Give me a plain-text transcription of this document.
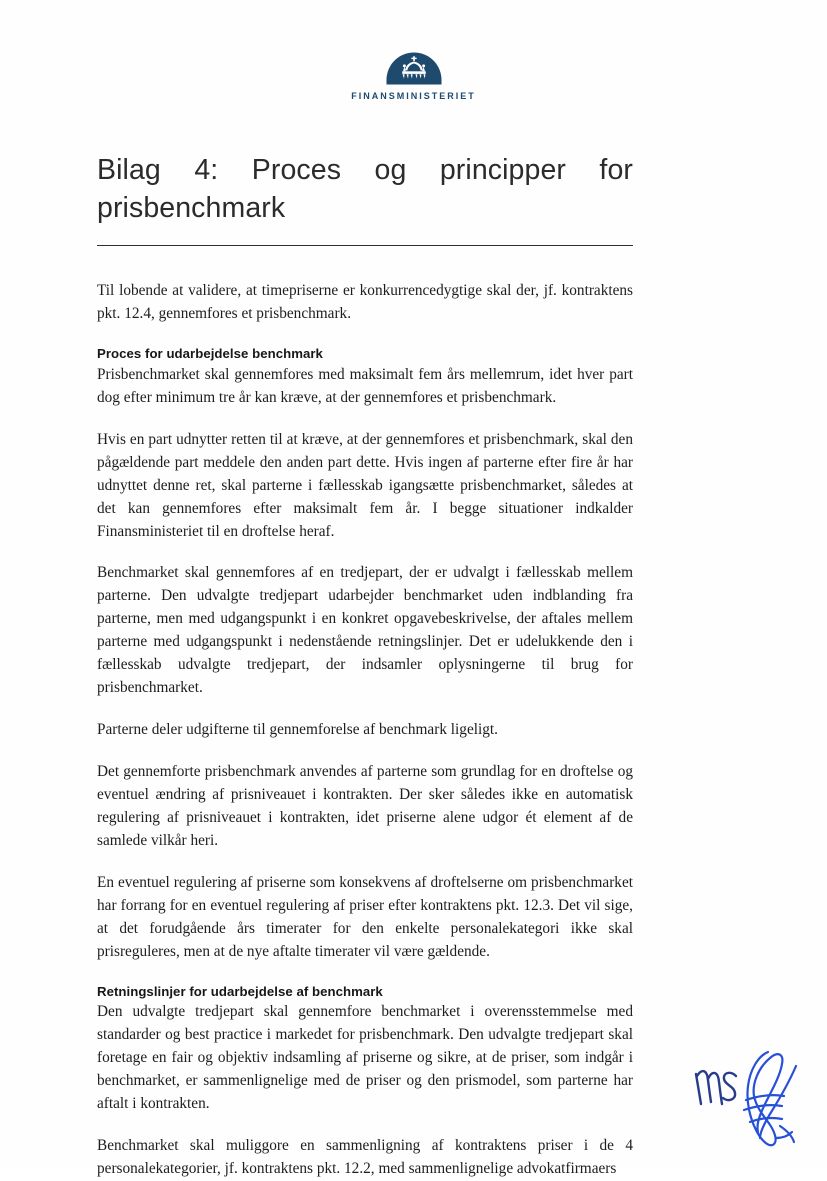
finansministeriet
Bilag 4: Proces og principper for
prisbenchmark

Til lobende at validere, at timepriserne er konkurrencedygtige skal der, jf. kontraktens pkt. 12.4, gennemfores et prisbenchmark.

Proces for udarbejdelse benchmark

Prisbenchmarket skal gennemfores med maksimalt fem års mellemrum, idet hver part dog efter minimum tre år kan kræve, at der gennemfores et prisbenchmark.

Hvis en part udnytter retten til at kræve, at der gennemfores et prisbenchmark, skal den pågældende part meddele den anden part dette. Hvis ingen af parterne efter fire år har udnyttet denne ret, skal parterne i fællesskab igangsætte prisbenchmarket, således at det kan gennemfores efter maksimalt fem år. I begge situationer indkalder Finansministeriet til en droftelse heraf.

Benchmarket skal gennemfores af en tredjepart, der er udvalgt i fællesskab mellem parterne. Den udvalgte tredjepart udarbejder benchmarket uden indblanding fra parterne, men med udgangspunkt i en konkret opgavebeskrivelse, der aftales mellem parterne med udgangspunkt i nedenstående retningslinjer. Det er udelukkende den i fællesskab udvalgte tredjepart, der indsamler oplysningerne til brug for prisbenchmarket.

Parterne deler udgifterne til gennemforelse af benchmark ligeligt.

Det gennemforte prisbenchmark anvendes af parterne som grundlag for en droftelse og eventuel ændring af prisniveauet i kontrakten. Der sker således ikke en automatisk regulering af prisniveauet i kontrakten, idet priserne alene udgor ét element af de samlede vilkår heri.

En eventuel regulering af priserne som konsekvens af droftelserne om prisbenchmarket har forrang for en eventuel regulering af priser efter kontraktens pkt. 12.3. Det vil sige, at det forudgående års timerater for den enkelte personalekategori ikke skal prisreguleres, men at de nye aftalte timerater vil være gældende.

Retningslinjer for udarbejdelse af benchmark

Den udvalgte tredjepart skal gennemfore benchmarket i overensstemmelse med standarder og best practice i markedet for prisbenchmark. Den udvalgte tredjepart skal foretage en fair og objektiv indsamling af priserne og sikre, at de priser, som indgår i benchmarket, er sammenlignelige med de priser og den prismodel, som parterne har aftalt i kontrakten.

Benchmarket skal muliggore en sammenligning af kontraktens priser i de 4 personalekategorier, jf. kontraktens pkt. 12.2, med sammenlignelige advokatfirmaers
